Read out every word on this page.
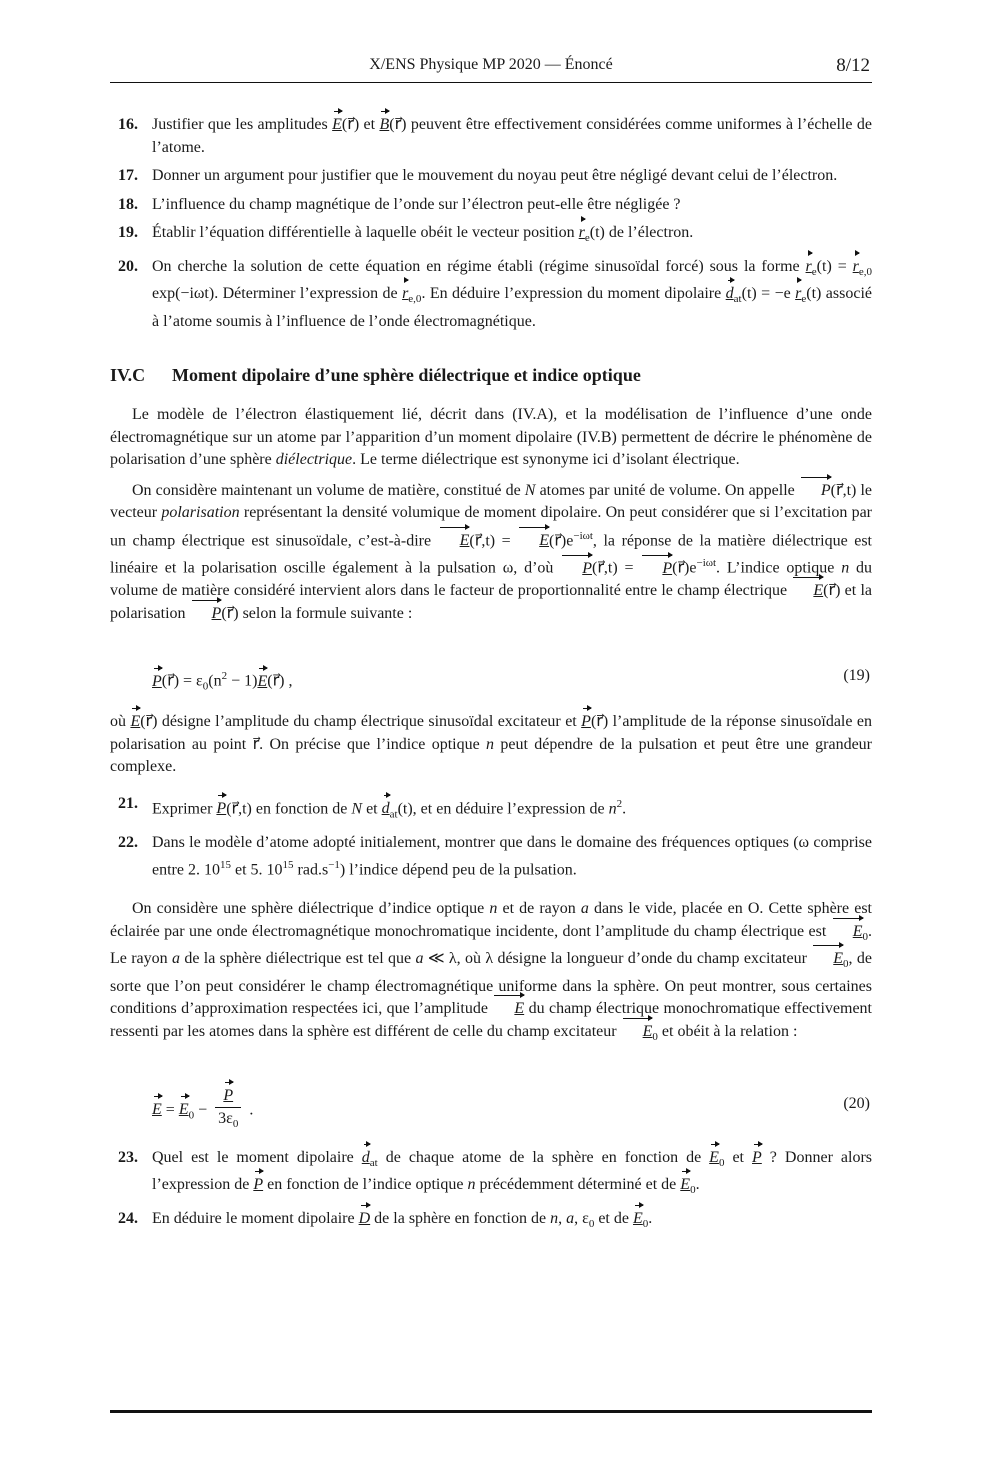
X/ENS Physique MP 2020 — Énoncé	8/12
16. Justifier que les amplitudes E(r⃗) et B(r⃗) peuvent être effectivement considérées comme uniformes à l’échelle de l’atome.
17. Donner un argument pour justifier que le mouvement du noyau peut être négligé devant celui de l’électron.
18. L’influence du champ magnétique de l’onde sur l’électron peut-elle être négligée ?
19. Établir l’équation différentielle à laquelle obéit le vecteur position $r_e(t)$ de l’électron.
20. On cherche la solution de cette équation en régime établi (régime sinusoïdal forcé) sous la forme $r_e(t) = r_{e,0}$ exp(−iωt). Déterminer l’expression de $r_{e,0}$. En déduire l’expression du moment dipolaire $d_{at}(t) = -e$ $r_e(t)$ associé à l’atome soumis à l’influence de l’onde électromagnétique.
IV.C Moment dipolaire d’une sphère diélectrique et indice optique

Le modèle de l’électron élastiquement lié, décrit dans (IV.A), et la modélisation de l’influence d’une onde électromagnétique sur un atome par l’apparition d’un moment dipolaire (IV.B) permettent de décrire le phénomène de polarisation d’une sphère diélectrique. Le terme diélectrique est synonyme ici d’isolant électrique.

On considère maintenant un volume de matière, constitué de N atomes par unité de volume. On appelle P(r⃗,t) le vecteur polarisation représentant la densité volumique de moment dipolaire. On peut considérer que si l’excitation par un champ électrique est sinusoïdale, c’est-à-dire E(r⃗,t) = $E(r⃗)e^{-i\omega t}$, la réponse de la matière diélectrique est linéaire et la polarisation oscille également à la pulsation ω, d’où P(r⃗,t) = $P(r⃗)e^{-i\omega t}$. L’indice optique n du volume de matière considéré intervient alors dans le facteur de proportionnalité entre le champ électrique E(r⃗) et la polarisation P(r⃗) selon la formule suivante :

P(r⃗) = $\varepsilon_0(n^2$ − 1)E(r⃗) ,	(19)

où E(r⃗) désigne l’amplitude du champ électrique sinusoïdal excitateur et P(r⃗) l’amplitude de la réponse sinusoïdale en polarisation au point r⃗. On précise que l’indice optique n peut dépendre de la pulsation et peut être une grandeur complexe.

21. Exprimer P(r⃗,t) en fonction de N et $d_{at}(t)$, et en déduire l’expression de $n^2$.
22. Dans le modèle d’atome adopté initialement, montrer que dans le domaine des fréquences optiques (ω comprise entre 2. $10^{15}$ et 5. $10^{15}$ $rad.s^{-1}$) l’indice dépend peu de la pulsation.

On considère une sphère diélectrique d’indice optique n et de rayon a dans le vide, placée en O. Cette sphère est éclairée par une onde électromagnétique monochromatique incidente, dont l’amplitude du champ électrique est $E_0$. Le rayon a de la sphère diélectrique est tel que a ≪ λ, où λ désigne la longueur d’onde du champ excitateur $E_0$, de sorte que l’on peut considérer le champ électromagnétique uniforme dans la sphère. On peut montrer, sous certaines conditions d’approximation respectées ici, que l’amplitude E du champ électrique monochromatique effectivement ressenti par les atomes dans la sphère est différent de celle du champ excitateur $E_0$ et obéit à la relation :

$E = E_0 - \frac{P}{3\varepsilon_0}$ .	(20)
23. Quel est le moment dipolaire $d_{at}$ de chaque atome de la sphère en fonction de $E_0$ et P ? Donner alors l’expression de P en fonction de l’indice optique n précédemment déterminé et de $E_0$.
24. En déduire le moment dipolaire D de la sphère en fonction de n, a, $\varepsilon_0$ et de $E_0$.
